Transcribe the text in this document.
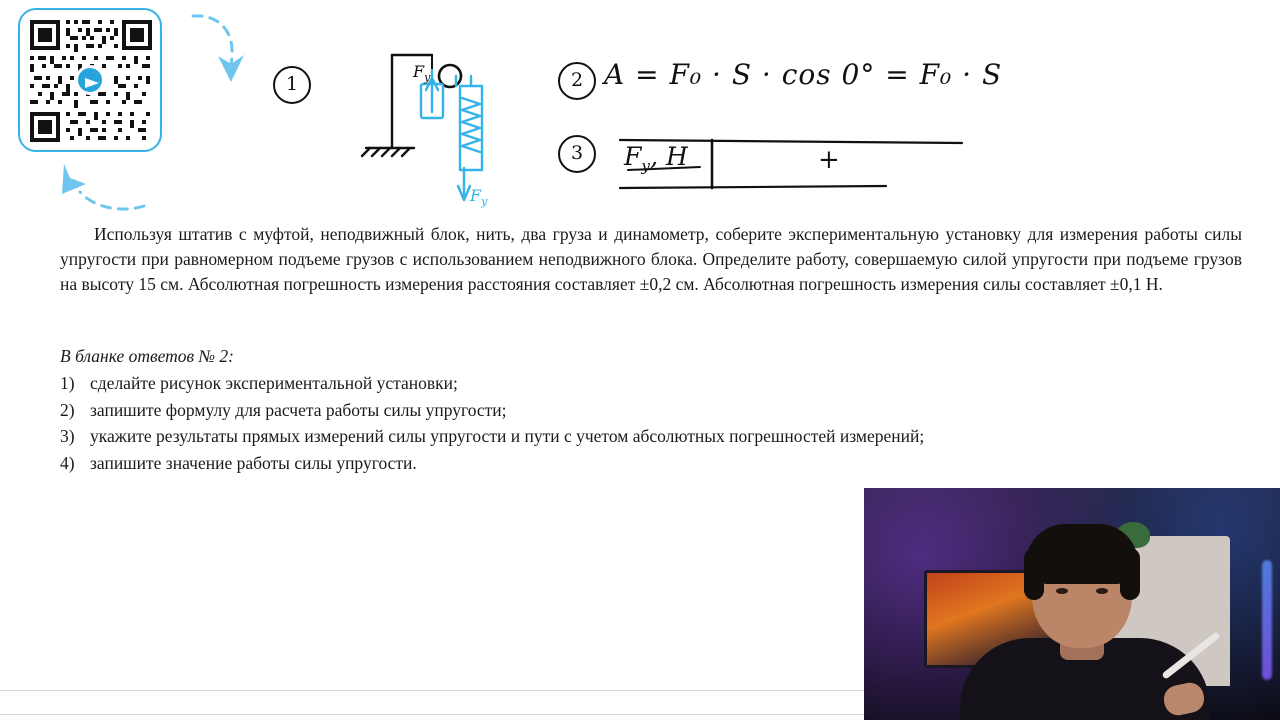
1	2
3
A = F₀ · S · cos 0° = F₀ · S
$F_у$
$F_у$
$F_у$, Н	+
Используя штатив с муфтой, неподвижный блок, нить, два груза и динамометр, соберите экспериментальную установку для измерения работы силы упругости при равномерном подъеме грузов с использованием неподвижного блока. Определите работу, совершаемую силой упругости при подъеме грузов на высоту 15 см. Абсолютная погрешность измерения расстояния составляет ±0,2 см. Абсолютная погрешность измерения силы составляет ±0,1 Н.
В бланке ответов № 2:
1) сделайте рисунок экспериментальной установки;
2) запишите формулу для расчета работы силы упругости;
3) укажите результаты прямых измерений силы упругости и пути с учетом абсолютных погрешностей измерений;
4) запишите значение работы силы упругости.
